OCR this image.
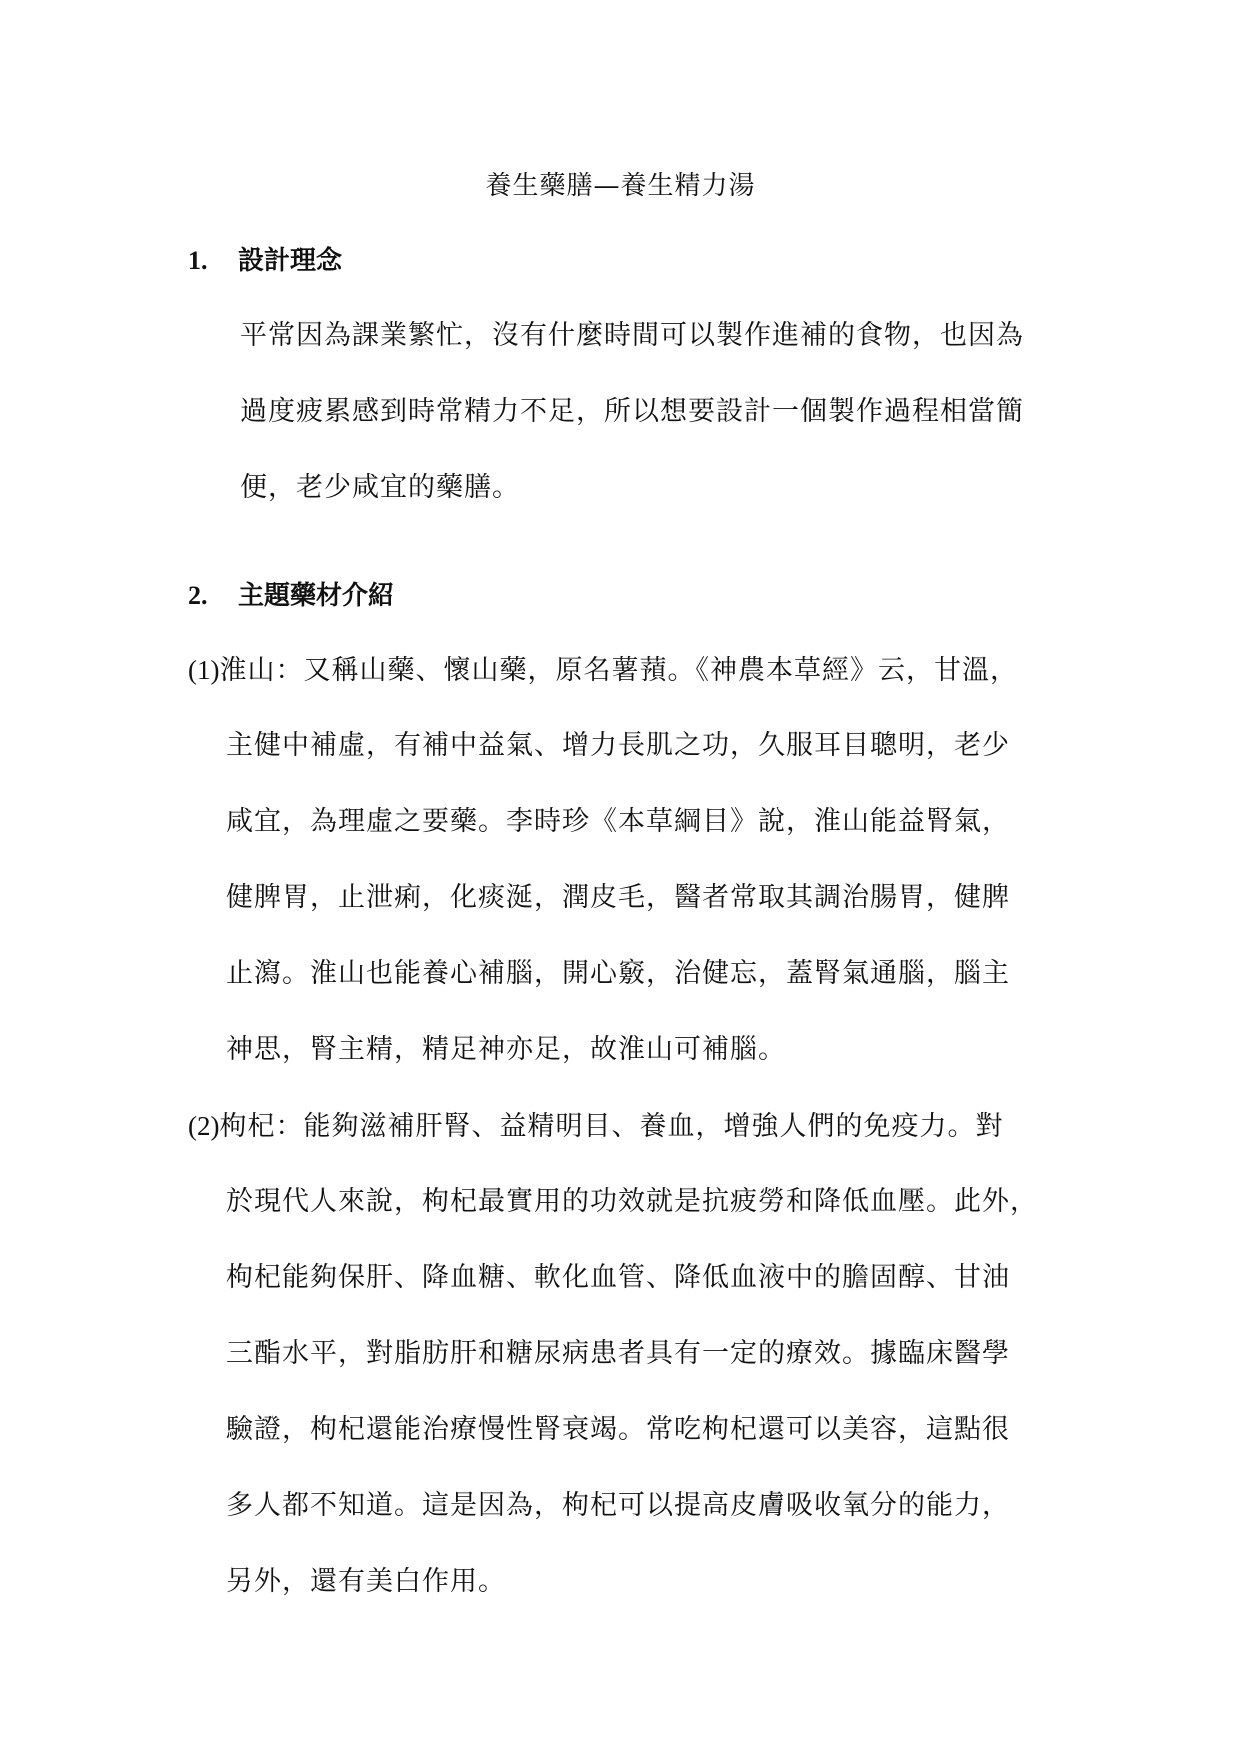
養生藥膳—養生精力湯
1. 設計理念
平常因為課業繁忙，沒有什麼時間可以製作進補的食物，也因為
過度疲累感到時常精力不足，所以想要設計一個製作過程相當簡
便，老少咸宜的藥膳。
2. 主題藥材介紹
(1)淮山：又稱山藥、懷山藥，原名薯蕷。《神農本草經》云，甘溫，
主健中補虛，有補中益氣、增力長肌之功，久服耳目聰明，老少
咸宜，為理虛之要藥。李時珍《本草綱目》說，淮山能益腎氣，
健脾胃，止泄痢，化痰涎，潤皮毛，醫者常取其調治腸胃，健脾
止瀉。淮山也能養心補腦，開心竅，治健忘，蓋腎氣通腦，腦主
神思，腎主精，精足神亦足，故淮山可補腦。
(2)枸杞：能夠滋補肝腎、益精明目、養血，增強人們的免疫力。對
於現代人來說，枸杞最實用的功效就是抗疲勞和降低血壓。此外，
枸杞能夠保肝、降血糖、軟化血管、降低血液中的膽固醇、甘油
三酯水平，對脂肪肝和糖尿病患者具有一定的療效。據臨床醫學
驗證，枸杞還能治療慢性腎衰竭。常吃枸杞還可以美容，這點很
多人都不知道。這是因為，枸杞可以提高皮膚吸收氧分的能力，
另外，還有美白作用。
